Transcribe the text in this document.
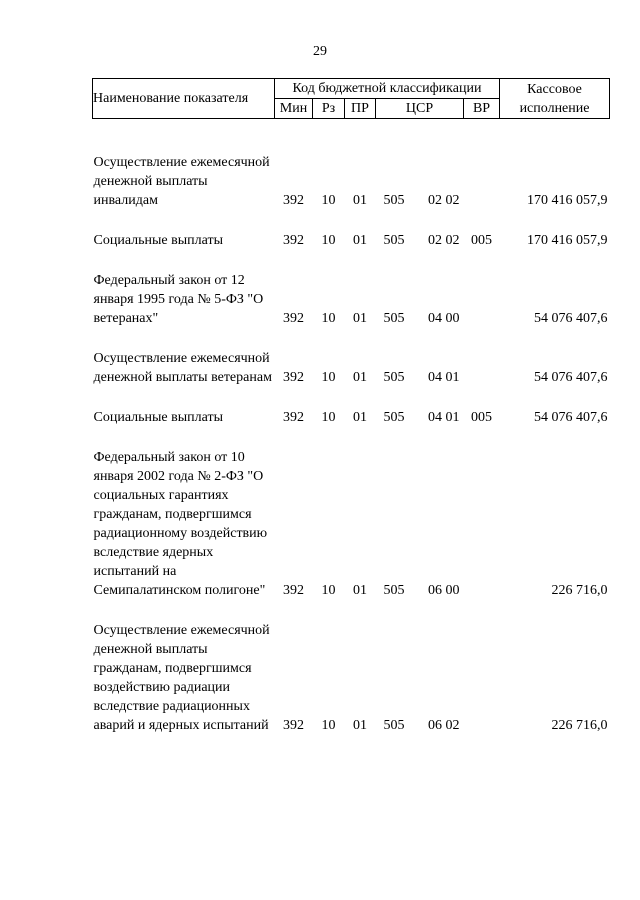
29
Наименование показателя	Код бюджетной классификации					Кассовое исполнение
	Мин	Рз	ПР	ЦСР	ВР	

Осуществление ежемесячной денежной выплаты инвалидам	392	10	01	505 02 02		170 416 057,9

Социальные выплаты	392	10	01	505 02 02	005	170 416 057,9

Федеральный закон от 12 января 1995 года № 5-ФЗ "О ветеранах"	392	10	01	505 04 00		54 076 407,6

Осуществление ежемесячной денежной выплаты ветеранам	392	10	01	505 04 01		54 076 407,6

Социальные выплаты	392	10	01	505 04 01	005	54 076 407,6

Федеральный закон от 10 января 2002 года № 2-ФЗ "О социальных гарантиях гражданам, подвергшимся радиационному воздействию вследствие ядерных испытаний на Семипалатинском полигоне"	392	10	01	505 06 00		226 716,0

Осуществление ежемесячной денежной выплаты гражданам, подвергшимся воздействию радиации вследствие радиационных аварий и ядерных испытаний	392	10	01	505 06 02		226 716,0
